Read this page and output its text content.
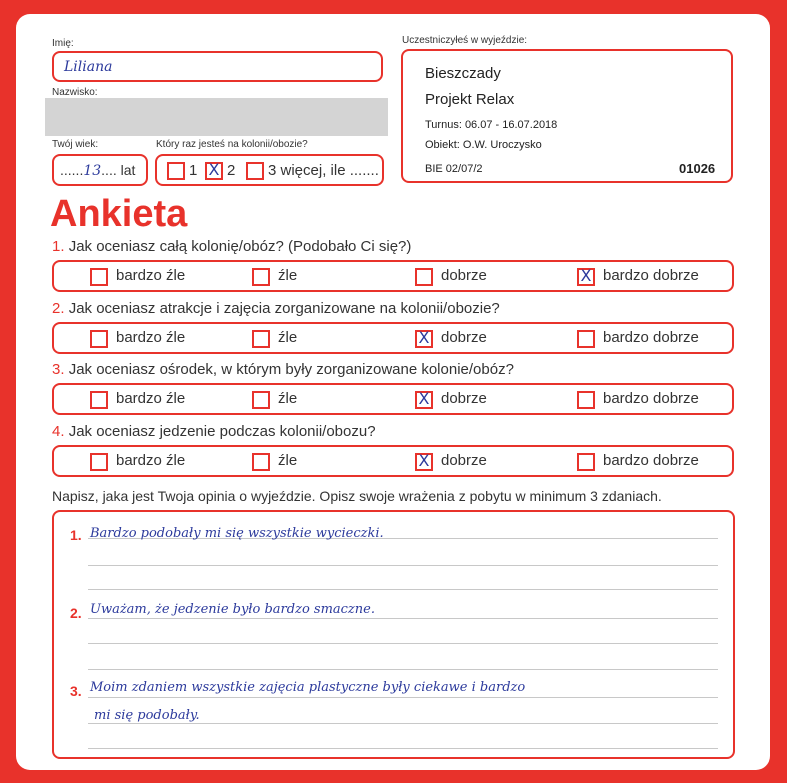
Imię:
Liliana
Nazwisko:
Twój wiek:
......13.... lat
Który raz jesteś na kolonii/obozie?
1 X 2 3 więcej, ile .......
Uczestniczyłeś w wyjeździe:
Bieszczady
Projekt Relax
Turnus: 06.07 - 16.07.2018
Obiekt: O.W. Uroczysko
BIE 02/07/2	01026
Ankieta
1. Jak oceniasz całą kolonię/obóz? (Podobało Ci się?)
bardzo źle	źle	dobrze	X bardzo dobrze
2. Jak oceniasz atrakcje i zajęcia zorganizowane na kolonii/obozie?
bardzo źle	źle	X dobrze	bardzo dobrze
3. Jak oceniasz ośrodek, w którym były zorganizowane kolonie/obóz?
bardzo źle	źle	X dobrze	bardzo dobrze
4. Jak oceniasz jedzenie podczas kolonii/obozu?
bardzo źle	źle	X dobrze	bardzo dobrze
Napisz, jaka jest Twoja opinia o wyjeździe. Opisz swoje wrażenia z pobytu w minimum 3 zdaniach.
1. Bardzo podobały mi się wszystkie wycieczki.
2. Uważam, że jedzenie było bardzo smaczne.
3. Moim zdaniem wszystkie zajęcia plastyczne były ciekawe i bardzo
mi się podobały.
